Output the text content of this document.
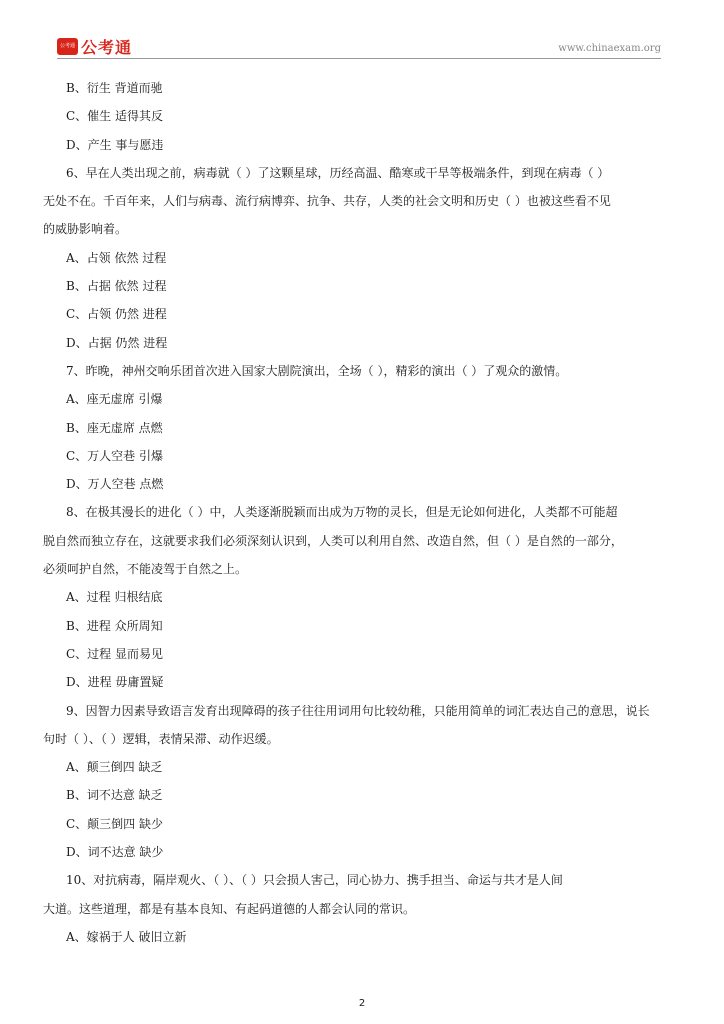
公考通 公考通	www.chinaexam.org
B、衍生 背道而驰
C、催生 适得其反
D、产生 事与愿违
6、早在人类出现之前，病毒就（ ）了这颗星球，历经高温、酷寒或干旱等极端条件，到现在病毒（ ）
无处不在。千百年来，人们与病毒、流行病博弈、抗争、共存，人类的社会文明和历史（ ）也被这些看不见
的威胁影响着。
A、占领 依然 过程
B、占据 依然 过程
C、占领 仍然 进程
D、占据 仍然 进程
7、昨晚，神州交响乐团首次进入国家大剧院演出，全场（ ），精彩的演出（ ）了观众的激情。
A、座无虚席 引爆
B、座无虚席 点燃
C、万人空巷 引爆
D、万人空巷 点燃
8、在极其漫长的进化（ ）中，人类逐渐脱颖而出成为万物的灵长，但是无论如何进化，人类都不可能超
脱自然而独立存在，这就要求我们必须深刻认识到，人类可以利用自然、改造自然，但（ ）是自然的一部分，
必须呵护自然，不能凌驾于自然之上。
A、过程 归根结底
B、进程 众所周知
C、过程 显而易见
D、进程 毋庸置疑
9、因智力因素导致语言发育出现障碍的孩子往往用词用句比较幼稚，只能用简单的词汇表达自己的意思，说长
句时（ ）、（ ）逻辑，表情呆滞、动作迟缓。
A、颠三倒四 缺乏
B、词不达意 缺乏
C、颠三倒四 缺少
D、词不达意 缺少
10、对抗病毒，隔岸观火、（ ）、（ ）只会损人害己，同心协力、携手担当、命运与共才是人间
大道。这些道理，都是有基本良知、有起码道德的人都会认同的常识。
A、嫁祸于人 破旧立新
2
